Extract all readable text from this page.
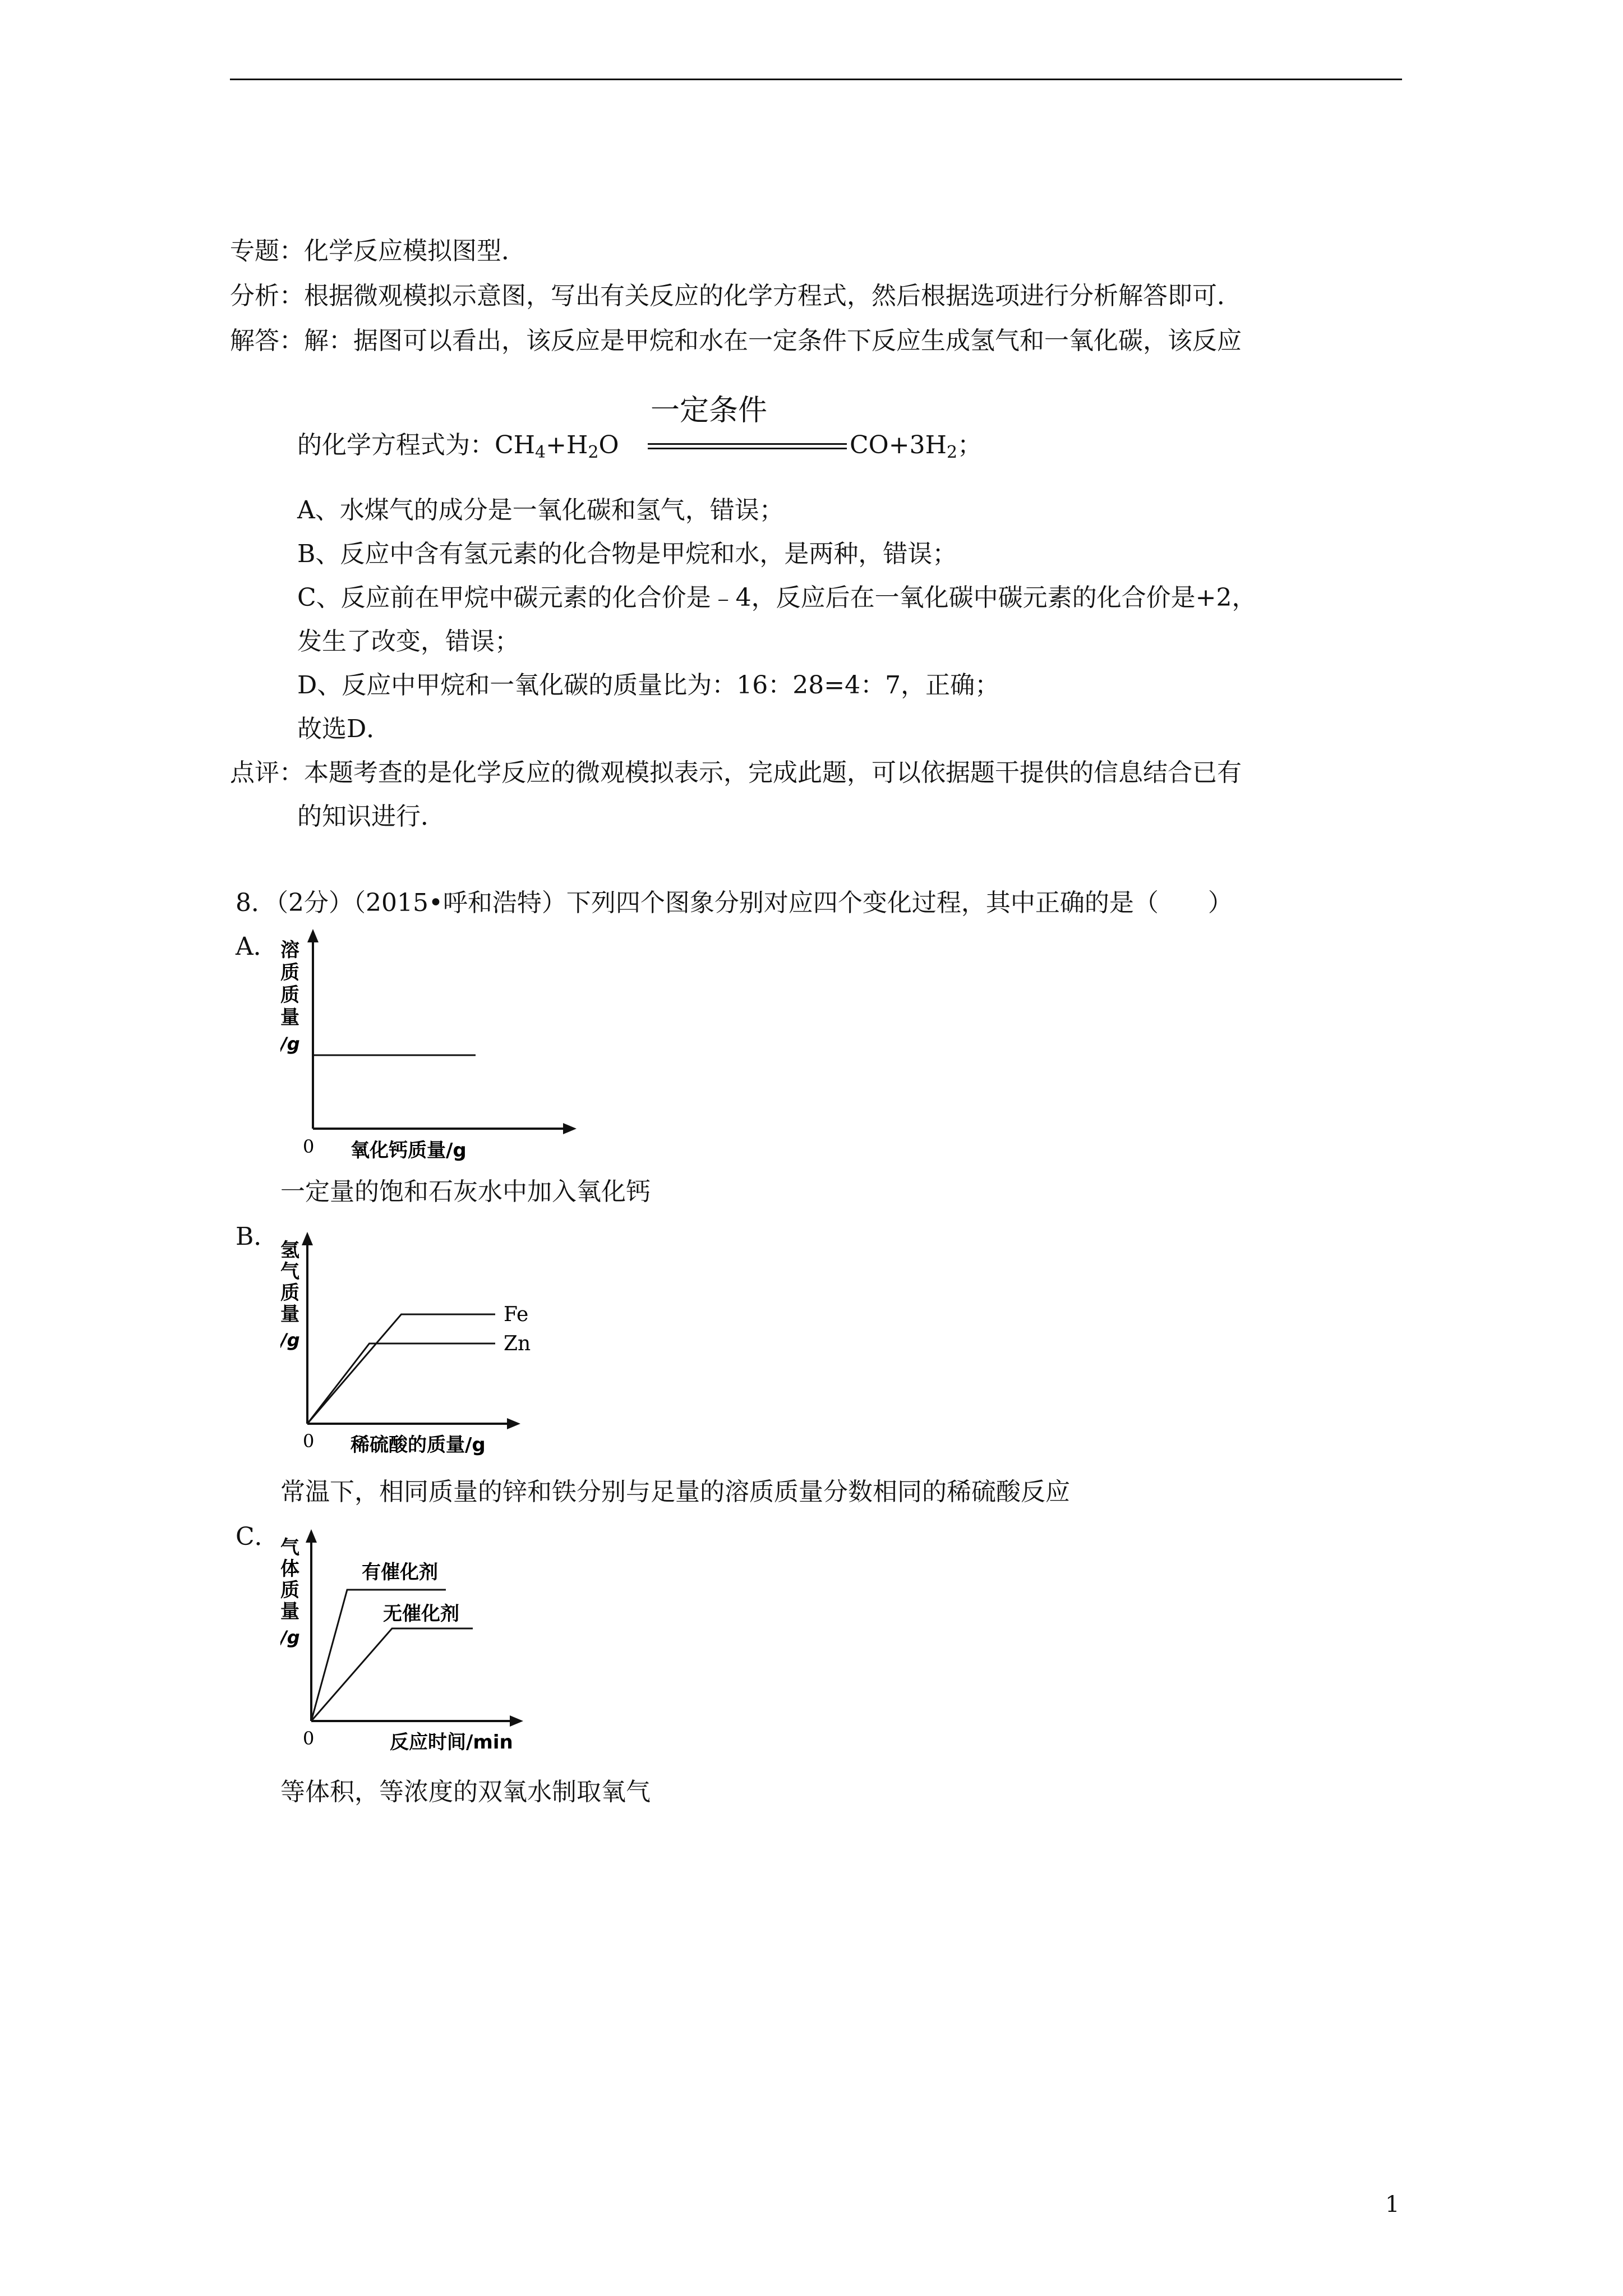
专题：化学反应模拟图型．
分析：根据微观模拟示意图，写出有关反应的化学方程式，然后根据选项进行分析解答即可．
解答：解：据图可以看出，该反应是甲烷和水在一定条件下反应生成氢气和一氧化碳，该反应
的化学方程式为：$CH_4+H_2O$
一定条件
$CO+3H_2$；
A、水煤气的成分是一氧化碳和氢气，错误；
B、反应中含有氢元素的化合物是甲烷和水，是两种，错误；
C、反应前在甲烷中碳元素的化合价是﹣4，反应后在一氧化碳中碳元素的化合价是+2，
发生了改变，错误；
D、反应中甲烷和一氧化碳的质量比为：16：28=4：7，正确；
故选D．
点评：本题考查的是化学反应的微观模拟表示，完成此题，可以依据题干提供的信息结合已有
的知识进行．
8．（2分）（2015•呼和浩特）下列四个图象分别对应四个变化过程，其中正确的是（　　）
A． 溶
质
质
量
/g
0 氧化钙质量/g
一定量的饱和石灰水中加入氧化钙
B． 氢
气
质
量
/g
0 稀硫酸的质量/g
Fe
Zn
常温下，相同质量的锌和铁分别与足量的溶质质量分数相同的稀硫酸反应
C． 气
体
质
量
/g
0	反应时间/min
有催化剂
无催化剂
等体积，等浓度的双氧水制取氧气
1
